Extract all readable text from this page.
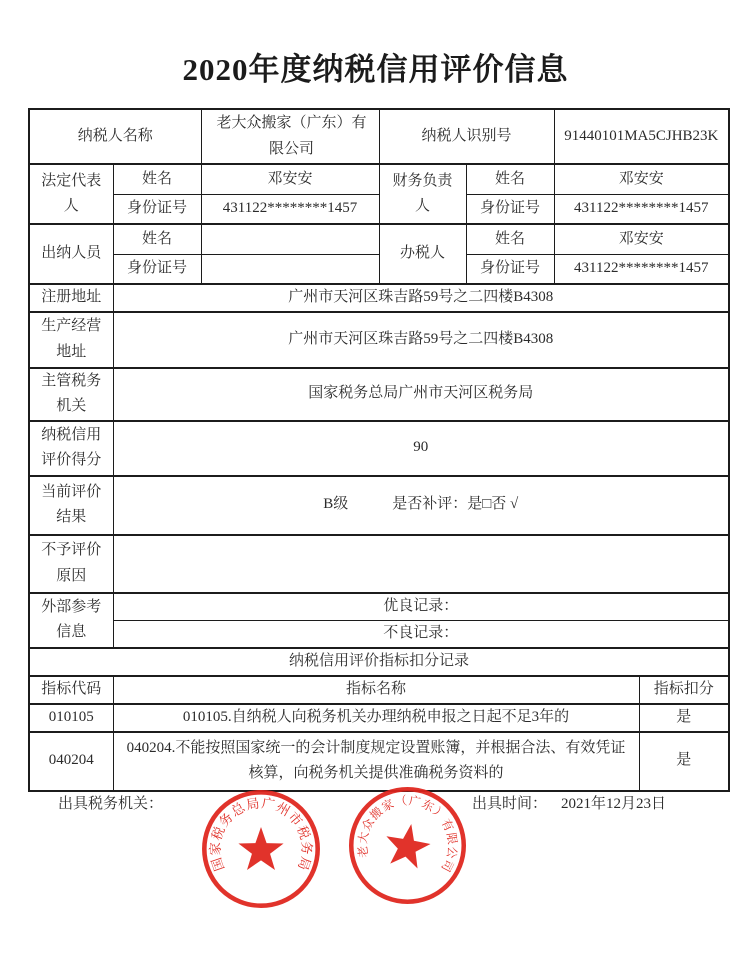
2020年度纳税信用评价信息
纳税人名称		老大众搬家（广东）有限公司	纳税人识别号		91440101MA5CJHB23K	
法定代表人	姓名	邓安安	财务负责人	姓名	邓安安	
	身份证号	431122********1457		身份证号	431122********1457	
出纳人员	姓名		办税人	姓名	邓安安	
	身份证号			身份证号	431122********1457	
注册地址	广州市天河区珠吉路59号之二四楼B4308					
生产经营地址	广州市天河区珠吉路59号之二四楼B4308					
主管税务机关	国家税务总局广州市天河区税务局					
纳税信用评价得分	90					
当前评价结果	B级 是否补评：是□否 √					

不予评价原因						
外部参考信息	优良记录：					
	不良记录：					
纳税信用评价指标扣分记录						
指标代码	指标名称					指标扣分
010105	010105.自纳税人向税务机关办理纳税申报之日起不足3年的					是
040204	040204.不能按照国家统一的会计制度规定设置账簿，并根据合法、有效凭证核算，向税务机关提供准确税务资料的					是
出具税务机关：	出具时间： 2021年12月23日
国家税务总局广州市税务局
老大众搬家（广东）有限公司
